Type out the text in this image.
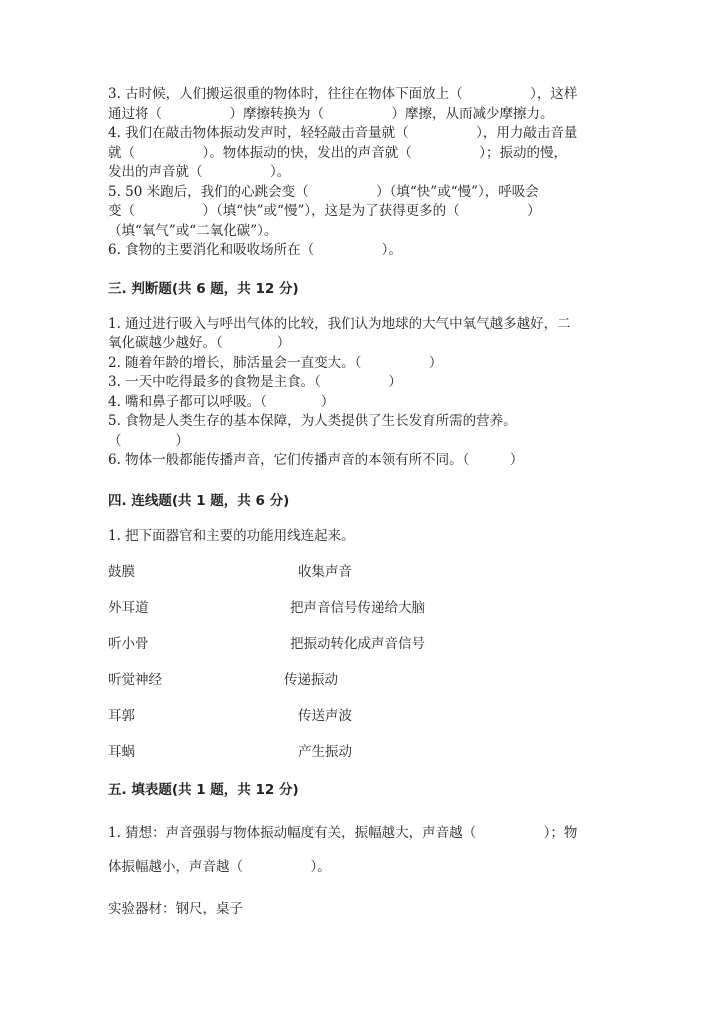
3. 古时候，人们搬运很重的物体时，往往在物体下面放上（　　　　　），这样
通过将（　　　　　）摩擦转换为（　　　　　）摩擦，从而减少摩擦力。
4. 我们在敲击物体振动发声时，轻轻敲击音量就（　　　　　），用力敲击音量
就（　　　　　）。物体振动的快，发出的声音就（　　　　　）；振动的慢，
发出的声音就（　　　　　）。
5. 50 米跑后，我们的心跳会变（　　　　　）（填“快”或“慢”），呼吸会
变（　　　　　）（填“快”或“慢”），这是为了获得更多的（　　　　　）
（填“氧气”或“二氧化碳”）。
6. 食物的主要消化和吸收场所在（　　　　　）。
三. 判断题(共 6 题，共 12 分)
1. 通过进行吸入与呼出气体的比较，我们认为地球的大气中氧气越多越好，二
氧化碳越少越好。（　　　　）
2. 随着年龄的增长，肺活量会一直变大。（　　　　　）
3. 一天中吃得最多的食物是主食。（　　　　　）
4. 嘴和鼻子都可以呼吸。（　　　　）
5. 食物是人类生存的基本保障，为人类提供了生长发育所需的营养。
（　　　　）
6. 物体一般都能传播声音，它们传播声音的本领有所不同。（　　　）
四. 连线题(共 1 题，共 6 分)
1. 把下面器官和主要的功能用线连起来。
鼓膜	收集声音
外耳道	把声音信号传递给大脑
听小骨	把振动转化成声音信号
听觉神经	传递振动
耳郭	传送声波
耳蜗	产生振动
五. 填表题(共 1 题，共 12 分)
1. 猜想：声音强弱与物体振动幅度有关，振幅越大，声音越（　　　　　）；物
体振幅越小，声音越（　　　　　）。
实验器材：钢尺，桌子
